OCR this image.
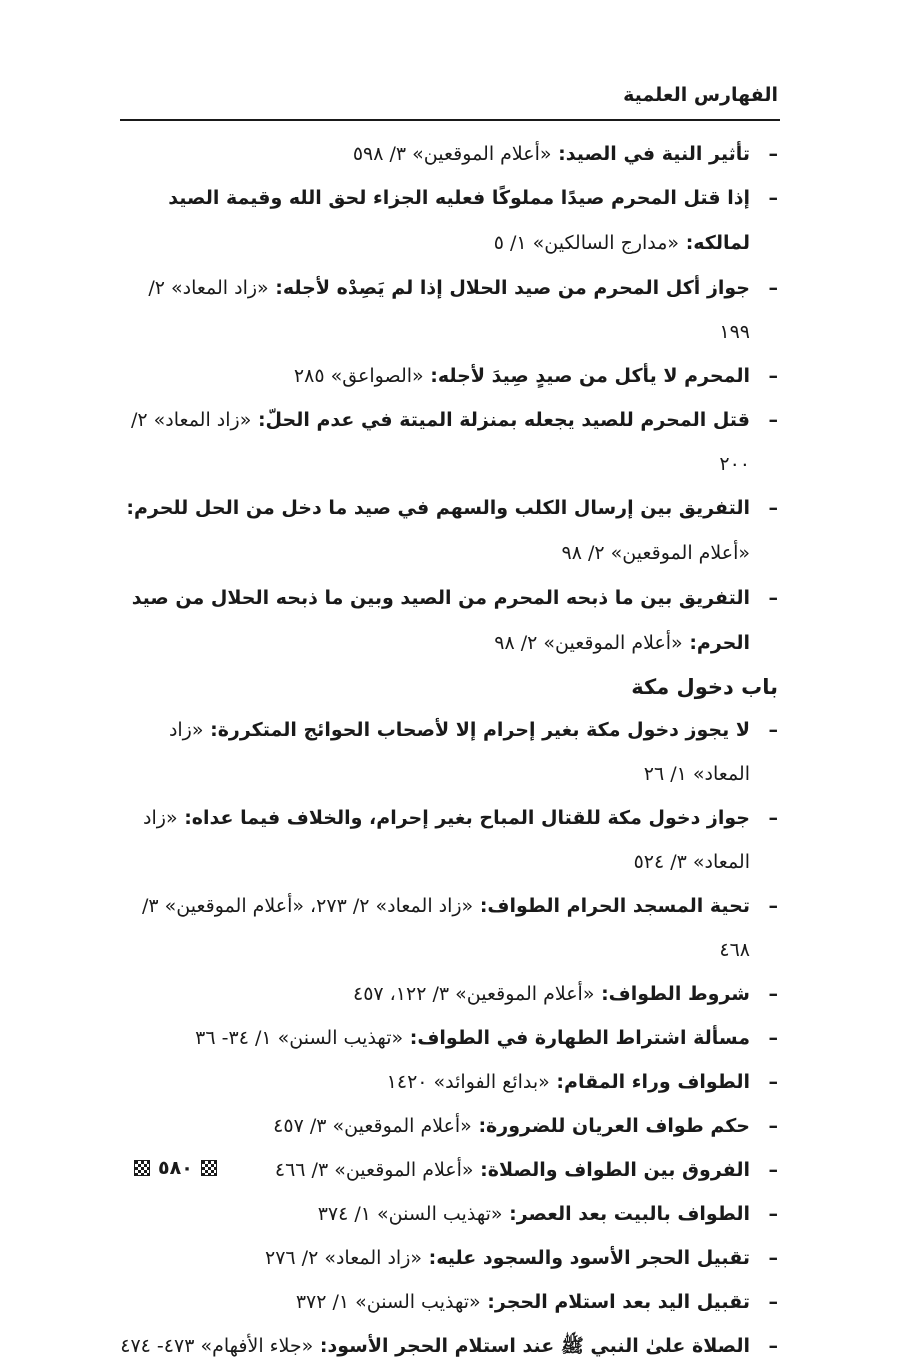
الفهارس العلمية
–
تأثير النية في الصيد: «أعلام الموقعين» ٣/ ٥٩٨
–
إذا قتل المحرم صيدًا مملوكًا فعليه الجزاء لحق الله وقيمة الصيد لمالكه: «مدارج السالكين» ١/ ٥
–
جواز أكل المحرم من صيد الحلال إذا لم يَصِدْه لأجله: «زاد المعاد» ٢/ ١٩٩
–
المحرم لا يأكل من صيدٍ صِيدَ لأجله: «الصواعق» ٢٨٥
–
قتل المحرم للصيد يجعله بمنزلة الميتة في عدم الحلّ: «زاد المعاد» ٢/ ٢٠٠
–
التفريق بين إرسال الكلب والسهم في صيد ما دخل من الحل للحرم: «أعلام الموقعين» ٢/ ٩٨
–
التفريق بين ما ذبحه المحرم من الصيد وبين ما ذبحه الحلال من صيد الحرم: «أعلام الموقعين» ٢/ ٩٨
باب دخول مكة
–
لا يجوز دخول مكة بغير إحرام إلا لأصحاب الحوائج المتكررة: «زاد المعاد» ١/ ٢٦
–
جواز دخول مكة للقتال المباح بغير إحرام، والخلاف فيما عداه: «زاد المعاد» ٣/ ٥٢٤
–
تحية المسجد الحرام الطواف: «زاد المعاد» ٢/ ٢٧٣، «أعلام الموقعين» ٣/ ٤٦٨
–
شروط الطواف: «أعلام الموقعين» ٣/ ١٢٢، ٤٥٧
–
مسألة اشتراط الطهارة في الطواف: «تهذيب السنن» ١/ ٣٤- ٣٦
–
الطواف وراء المقام: «بدائع الفوائد» ١٤٢٠
–
حكم طواف العريان للضرورة: «أعلام الموقعين» ٣/ ٤٥٧
–
الفروق بين الطواف والصلاة: «أعلام الموقعين» ٣/ ٤٦٦
–
الطواف بالبيت بعد العصر: «تهذيب السنن» ١/ ٣٧٤
–
تقبيل الحجر الأسود والسجود عليه: «زاد المعاد» ٢/ ٢٧٦
–
تقبيل اليد بعد استلام الحجر: «تهذيب السنن» ١/ ٣٧٢
–
الصلاة علىٰ النبي ﷺ عند استلام الحجر الأسود: «جلاء الأفهام» ٤٧٣- ٤٧٤
٥٨٠
